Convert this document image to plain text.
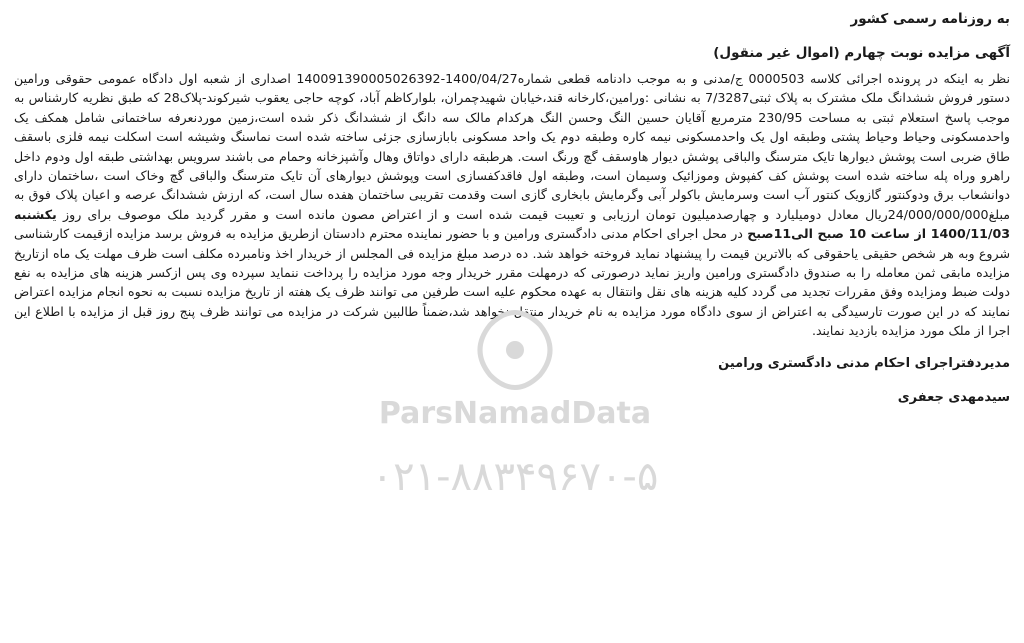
به روزنامه رسمی کشور
آگهی مزایده نوبت چهارم (اموال غیر منقول)

نظر به اینکه در پرونده اجرائی کلاسه 0000503 ج/مدنی و به موجب دادنامه قطعی شماره1400/04/27-140091390005026392 اصداری از شعبه اول دادگاه عمومی حقوقی ورامین دستور فروش ششدانگ ملک مشترک به پلاک ثبتی7/3287 به نشانی :ورامین،کارخانه قند،خیابان شهیدچمران، بلوارکاظم آباد، کوچه حاجی یعقوب شیرکوند-پلاک28 که طبق نظریه کارشناس به موجب پاسخ استعلام ثبتی به مساحت 230/95 مترمربع آقایان حسین النگ وحسن النگ هرکدام مالک سه دانگ از ششدانگ ذکر شده است،زمین موردنعرفه ساختمانی شامل همکف یک واحدمسکونی وحیاط وحیاط پشتی وطبقه اول یک واحدمسکونی نیمه کاره وطبقه دوم یک واحد مسکونی بابازسازی جزئی ساخته شده است نماسنگ وشیشه است اسکلت نیمه فلزی باسقف طاق ضربی است پوشش دیوارها تایک مترسنگ والباقی پوشش دیوار هاوسقف گچ ورنگ است. هرطبقه دارای دواتاق وهال وآشپزخانه وحمام می باشند سرویس بهداشتی طبقه اول ودوم داخل راهرو وراه پله ساخته شده است پوشش کف کفپوش وموزائیک وسیمان است، وطبقه اول فاقدکفسازی است وپوشش دیوارهای آن تایک مترسنگ والباقی گچ وخاک است ،ساختمان دارای دوانشعاب برق ودوکنتور گازویک کنتور آب است وسرمایش باکولر آبی وگرمایش بابخاری گازی است وقدمت تقریبی ساختمان هفده سال است، که ارزش ششدانگ عرصه و اعیان پلاک فوق به مبلغ24/000/000/000ریال معادل دومیلیارد و چهارصدمیلیون تومان ارزیابی و تعیبت قیمت شده است و از اعتراض مصون مانده است و مقرر گردید ملک موصوف برای روز یکشنبه 1400/11/03 از ساعت 10 صبح الی11صبح در محل اجرای احکام مدنی دادگستری ورامین و با حضور نماینده محترم دادستان ازطریق مزایده به فروش برسد مزایده ازقیمت کارشناسی شروع وبه هر شخص حقیقی یاحقوقی که بالاترین قیمت را پیشنهاد نماید فروخته خواهد شد. ده درصد مبلغ مزایده فی المجلس از خریدار اخذ ونامبرده مکلف است ظرف مهلت یک ماه ازتاریخ مزایده مابقی ثمن معامله را به صندوق دادگستری ورامین واریز نماید درصورتی که درمهلت مقرر خریدار وجه مورد مزایده را پرداخت ننماید سپرده وی پس ازکسر هزینه های مزایده به نفع دولت ضبط ومزایده وفق مقررات تجدید می گردد کلیه هزینه های نقل وانتقال به عهده محکوم علیه است طرفین می توانند ظرف یک هفته از تاریخ مزایده نسبت به نحوه انجام مزایده اعتراض نمایند که در این صورت تارسیدگی به اعتراض از سوی دادگاه مورد مزایده به نام خریدار منتقل نخواهد شد،ضمناً طالبین شرکت در مزایده می توانند ظرف پنج روز قبل از مزایده با اطلاع این اجرا از ملک مورد مزایده بازدید نمایند.

مدیردفتراجرای احکام مدنی دادگستری ورامین
سیدمهدی جعفری
ParsNamadData
۰۲۱-۸۸۳۴۹۶۷۰-۵
